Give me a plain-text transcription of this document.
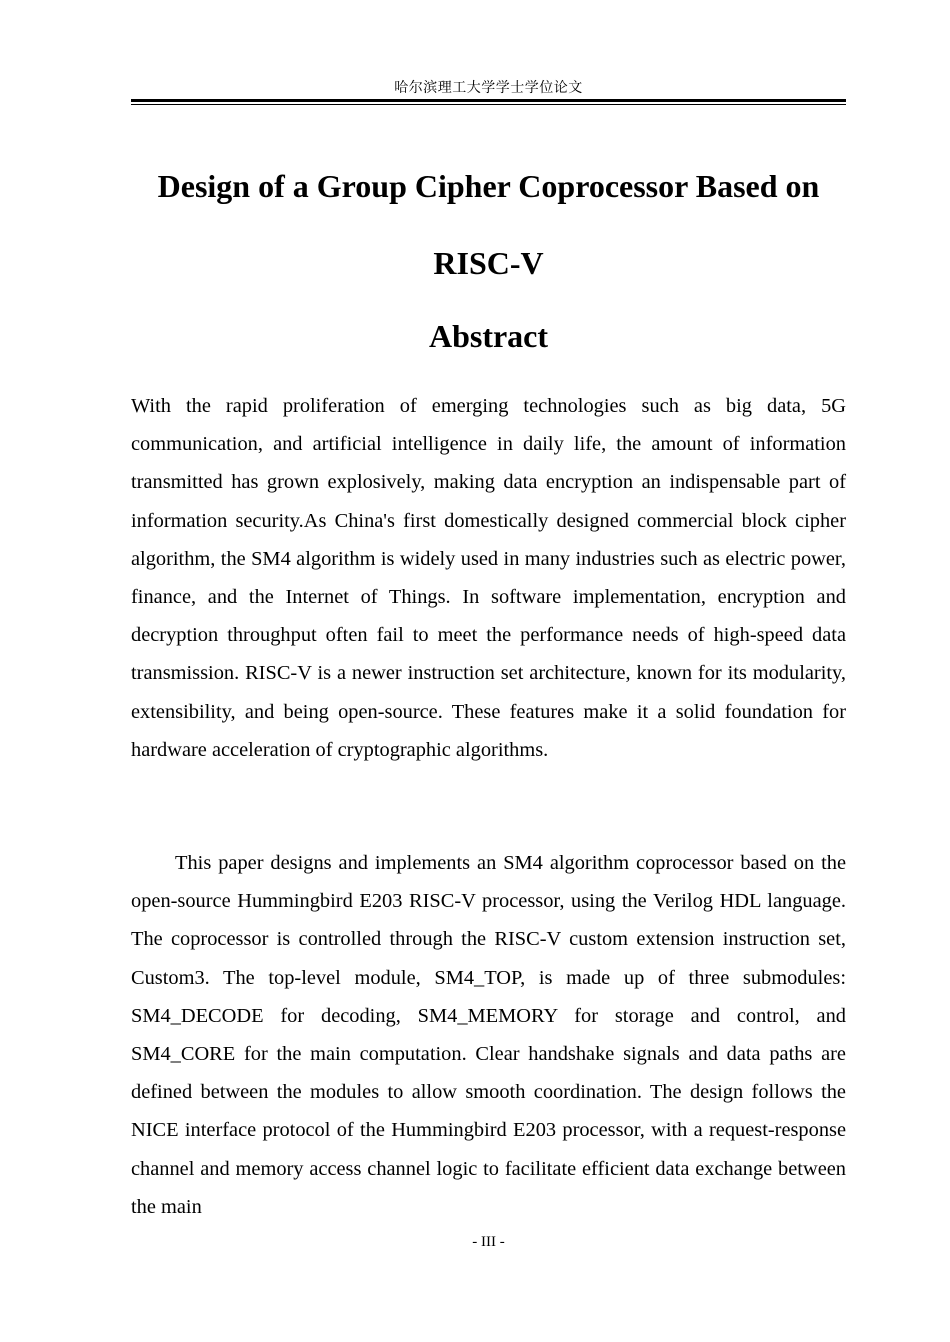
哈尔滨理工大学学士学位论文
Design of a Group Cipher Coprocessor Based on
RISC-V
Abstract

With the rapid proliferation of emerging technologies such as big data, 5G communication, and artificial intelligence in daily life, the amount of information transmitted has grown explosively, making data encryption an indispensable part of information security.As China's first domestically designed commercial block cipher algorithm, the SM4 algorithm is widely used in many industries such as electric power, finance, and the Internet of Things. In software implementation, encryption and decryption throughput often fail to meet the performance needs of high-speed data transmission. RISC-V is a newer instruction set architecture, known for its modularity, extensibility, and being open-source. These features make it a solid foundation for hardware acceleration of cryptographic algorithms.

This paper designs and implements an SM4 algorithm coprocessor based on the open-source Hummingbird E203 RISC-V processor, using the Verilog HDL language. The coprocessor is controlled through the RISC-V custom extension instruction set, Custom3. The top-level module, SM4_TOP, is made up of three submodules: SM4_DECODE for decoding, SM4_MEMORY for storage and control, and SM4_CORE for the main computation. Clear handshake signals and data paths are defined between the modules to allow smooth coordination. The design follows the NICE interface protocol of the Hummingbird E203 processor, with a request-response channel and memory access channel logic to facilitate efficient data exchange between the main

- III -
